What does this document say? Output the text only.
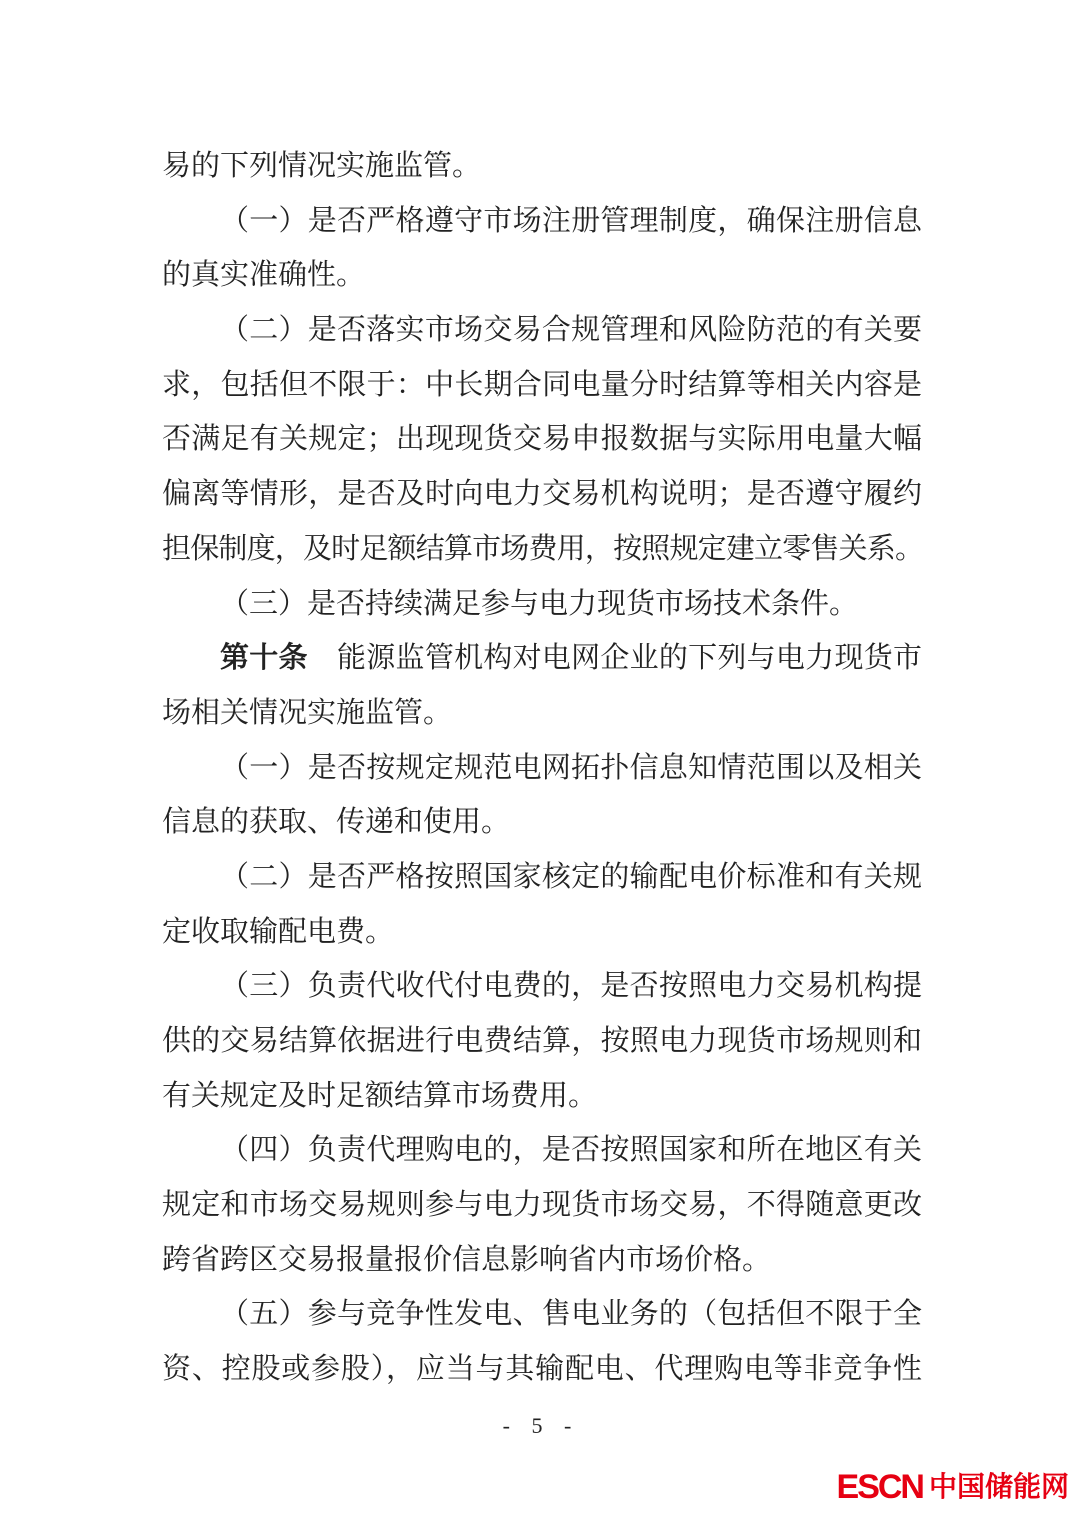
易的下列情况实施监管。
（一）是否严格遵守市场注册管理制度，确保注册信息
的真实准确性。
（二）是否落实市场交易合规管理和风险防范的有关要
求，包括但不限于：中长期合同电量分时结算等相关内容是
否满足有关规定；出现现货交易申报数据与实际用电量大幅
偏离等情形，是否及时向电力交易机构说明；是否遵守履约
担保制度，及时足额结算市场费用，按照规定建立零售关系。
（三）是否持续满足参与电力现货市场技术条件。
第十条　能源监管机构对电网企业的下列与电力现货市
场相关情况实施监管。
（一）是否按规定规范电网拓扑信息知情范围以及相关
信息的获取、传递和使用。
（二）是否严格按照国家核定的输配电价标准和有关规
定收取输配电费。
（三）负责代收代付电费的，是否按照电力交易机构提
供的交易结算依据进行电费结算，按照电力现货市场规则和
有关规定及时足额结算市场费用。
（四）负责代理购电的，是否按照国家和所在地区有关
规定和市场交易规则参与电力现货市场交易，不得随意更改
跨省跨区交易报量报价信息影响省内市场价格。
（五）参与竞争性发电、售电业务的（包括但不限于全
资、控股或参股），应当与其输配电、代理购电等非竞争性
- 5 -
ESCN 中国储能网
